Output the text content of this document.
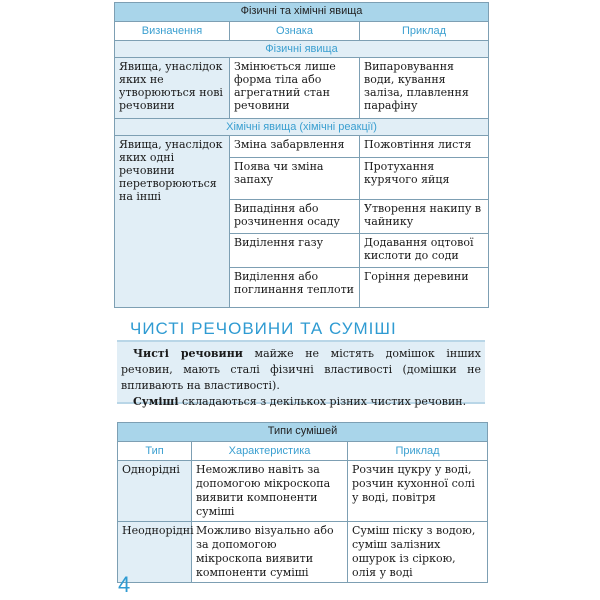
Фізичні та хімічні явища		
Визначення	Ознака	Приклад
Фізичні явища		
Явища, унаслідок яких не утворюються нові речовини	Змінюється лише форма тіла або агрегатний стан речовини	Випаровування води, кування заліза, плавлення парафіну
Хімічні явища (хімічні реакції)		
Явища, унаслідок яких одні речовини перетворюються на інші	Зміна забарвлення	Пожовтіння листя
	Поява чи зміна запаху	Протухання курячого яйця
	Випадіння або розчинення осаду	Утворення накипу в чайнику
	Виділення газу	Додавання оцтової кислоти до соди
	Виділення або поглинання теплоти	Горіння деревини
ЧИСТІ РЕЧОВИНИ ТА СУМІШІ

Чисті речовини майже не містять домішок інших речовин, мають сталі фізичні властивості (домішки не впливають на властивості).

Суміші складаються з декількох різних чистих речовин.

Типи сумішей		
Тип	Характеристика	Приклад
Однорідні	Неможливо навіть за допомогою мікроскопа виявити компоненти суміші	Розчин цукру у воді, розчин кухонної солі у воді, повітря
Неоднорідні	Можливо візуально або за допомогою мікроскопа виявити компоненти суміші	Суміш піску з водою, суміш залізних ошурок із сіркою, олія у воді
4
